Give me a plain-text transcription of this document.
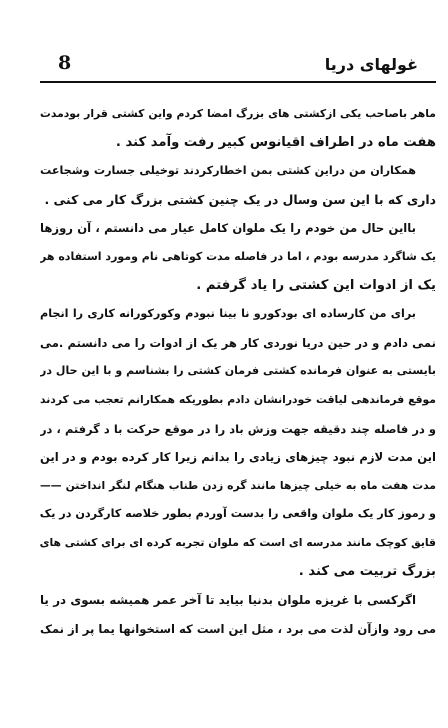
8	غولهای دریا
ماهر باصاحب یکی ازکشتی های بزرگ امضا کردم واین کشتی قرار بودمدت
هفت ماه در اطراف اقیانوس کبیر رفت وآمد کند .
همکاران من دراین کشتی بمن اخطارکردند توخیلی جسارت وشجاعت
داری که با این سن وسال در یک چنین کشتی بزرگ کار می کنی .
بااین حال من خودم را یک ملوان کامل عیار می دانستم ، آن روزها
یک شاگرد مدرسه بودم ، اما در فاصله مدت کوتاهی نام ومورد استفاده هر
یک از ادوات این کشتی را یاد گرفتم .
برای من کارساده ای بودکورو نا بینا نبودم وکورکورانه کاری را انجام
نمی دادم و در حین دریا نوردی کار هر یک از ادوات را می دانستم .می
بایستی به عنوان فرمانده کشتی فرمان کشتی را بشناسم و با این حال در
موقع فرماندهی لیاقت خودرانشان دادم بطوریکه همکارانم تعجب می کردند
و در فاصله چند دقیقه جهت وزش باد را در موقع حرکت با د گرفتم ، در
این مدت لازم نبود چیزهای زیادی را بدانم زیرا کار کرده بودم و در این
مدت هفت ماه به خیلی چیزها مانند گره زدن طناب هنگام لنگر انداختن ——
و رموز کار یک ملوان واقعی را بدست آوردم بطور خلاصه کارگردن در یک
قایق کوچک مانند مدرسه ای است که ملوان تجربه کرده ای برای کشتی های
بزرگ تربیت می کند .
اگرکسی با غریزه ملوان بدنیا بیاید تا آخر عمر همیشه بسوی در یا
می رود وازآن لذت می برد ، مثل این است که استخوانها یما پر از نمک
